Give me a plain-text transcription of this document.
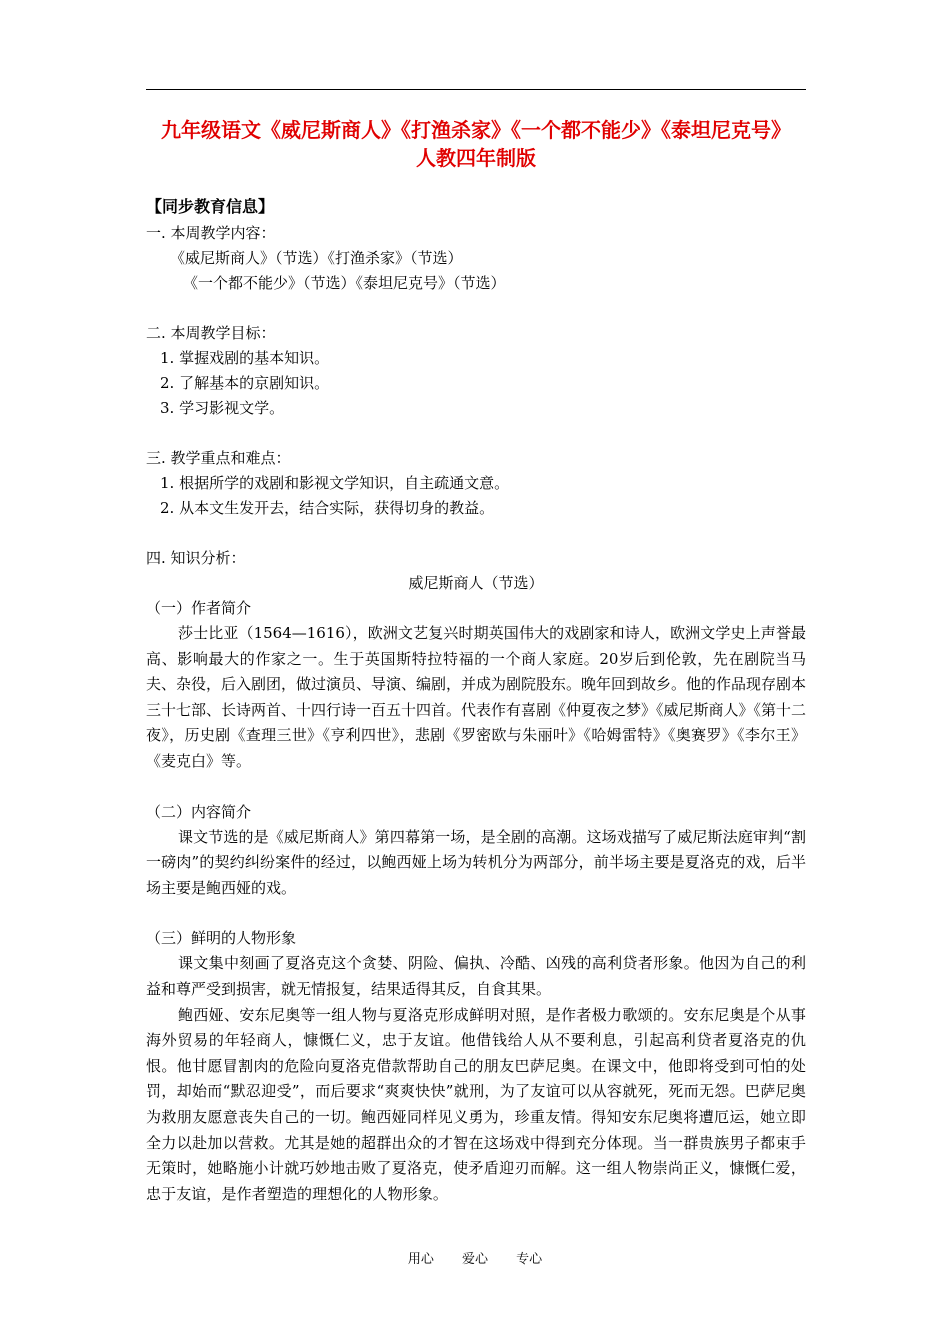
九年级语文《威尼斯商人》《打渔杀家》《一个都不能少》《泰坦尼克号》
人教四年制版
【同步教育信息】
一. 本周教学内容：
《威尼斯商人》（节选）《打渔杀家》（节选）
《一个都不能少》（节选）《泰坦尼克号》（节选）
二. 本周教学目标：
1. 掌握戏剧的基本知识。
2. 了解基本的京剧知识。
3. 学习影视文学。
三. 教学重点和难点：
1. 根据所学的戏剧和影视文学知识，自主疏通文意。
2. 从本文生发开去，结合实际，获得切身的教益。
四. 知识分析：
威尼斯商人（节选）
（一）作者简介

莎士比亚（1564—1616），欧洲文艺复兴时期英国伟大的戏剧家和诗人，欧洲文学史上声誉最高、影响最大的作家之一。生于英国斯特拉特福的一个商人家庭。20岁后到伦敦，先在剧院当马夫、杂役，后入剧团，做过演员、导演、编剧，并成为剧院股东。晚年回到故乡。他的作品现存剧本三十七部、长诗两首、十四行诗一百五十四首。代表作有喜剧《仲夏夜之梦》《威尼斯商人》《第十二夜》，历史剧《查理三世》《亨利四世》，悲剧《罗密欧与朱丽叶》《哈姆雷特》《奥赛罗》《李尔王》《麦克白》等。

（二）内容简介

课文节选的是《威尼斯商人》第四幕第一场，是全剧的高潮。这场戏描写了威尼斯法庭审判“割一磅肉”的契约纠纷案件的经过，以鲍西娅上场为转机分为两部分，前半场主要是夏洛克的戏，后半场主要是鲍西娅的戏。

（三）鲜明的人物形象

课文集中刻画了夏洛克这个贪婪、阴险、偏执、冷酷、凶残的高利贷者形象。他因为自己的利益和尊严受到损害，就无情报复，结果适得其反，自食其果。

鲍西娅、安东尼奥等一组人物与夏洛克形成鲜明对照，是作者极力歌颂的。安东尼奥是个从事海外贸易的年轻商人，慷慨仁义，忠于友谊。他借钱给人从不要利息，引起高利贷者夏洛克的仇恨。他甘愿冒割肉的危险向夏洛克借款帮助自己的朋友巴萨尼奥。在课文中，他即将受到可怕的处罚，却始而“默忍迎受”，而后要求“爽爽快快”就刑，为了友谊可以从容就死，死而无怨。巴萨尼奥为救朋友愿意丧失自己的一切。鲍西娅同样见义勇为，珍重友情。得知安东尼奥将遭厄运，她立即全力以赴加以营救。尤其是她的超群出众的才智在这场戏中得到充分体现。当一群贵族男子都束手无策时，她略施小计就巧妙地击败了夏洛克，使矛盾迎刃而解。这一组人物崇尚正义，慷慨仁爱，忠于友谊，是作者塑造的理想化的人物形象。

用心 爱心 专心
